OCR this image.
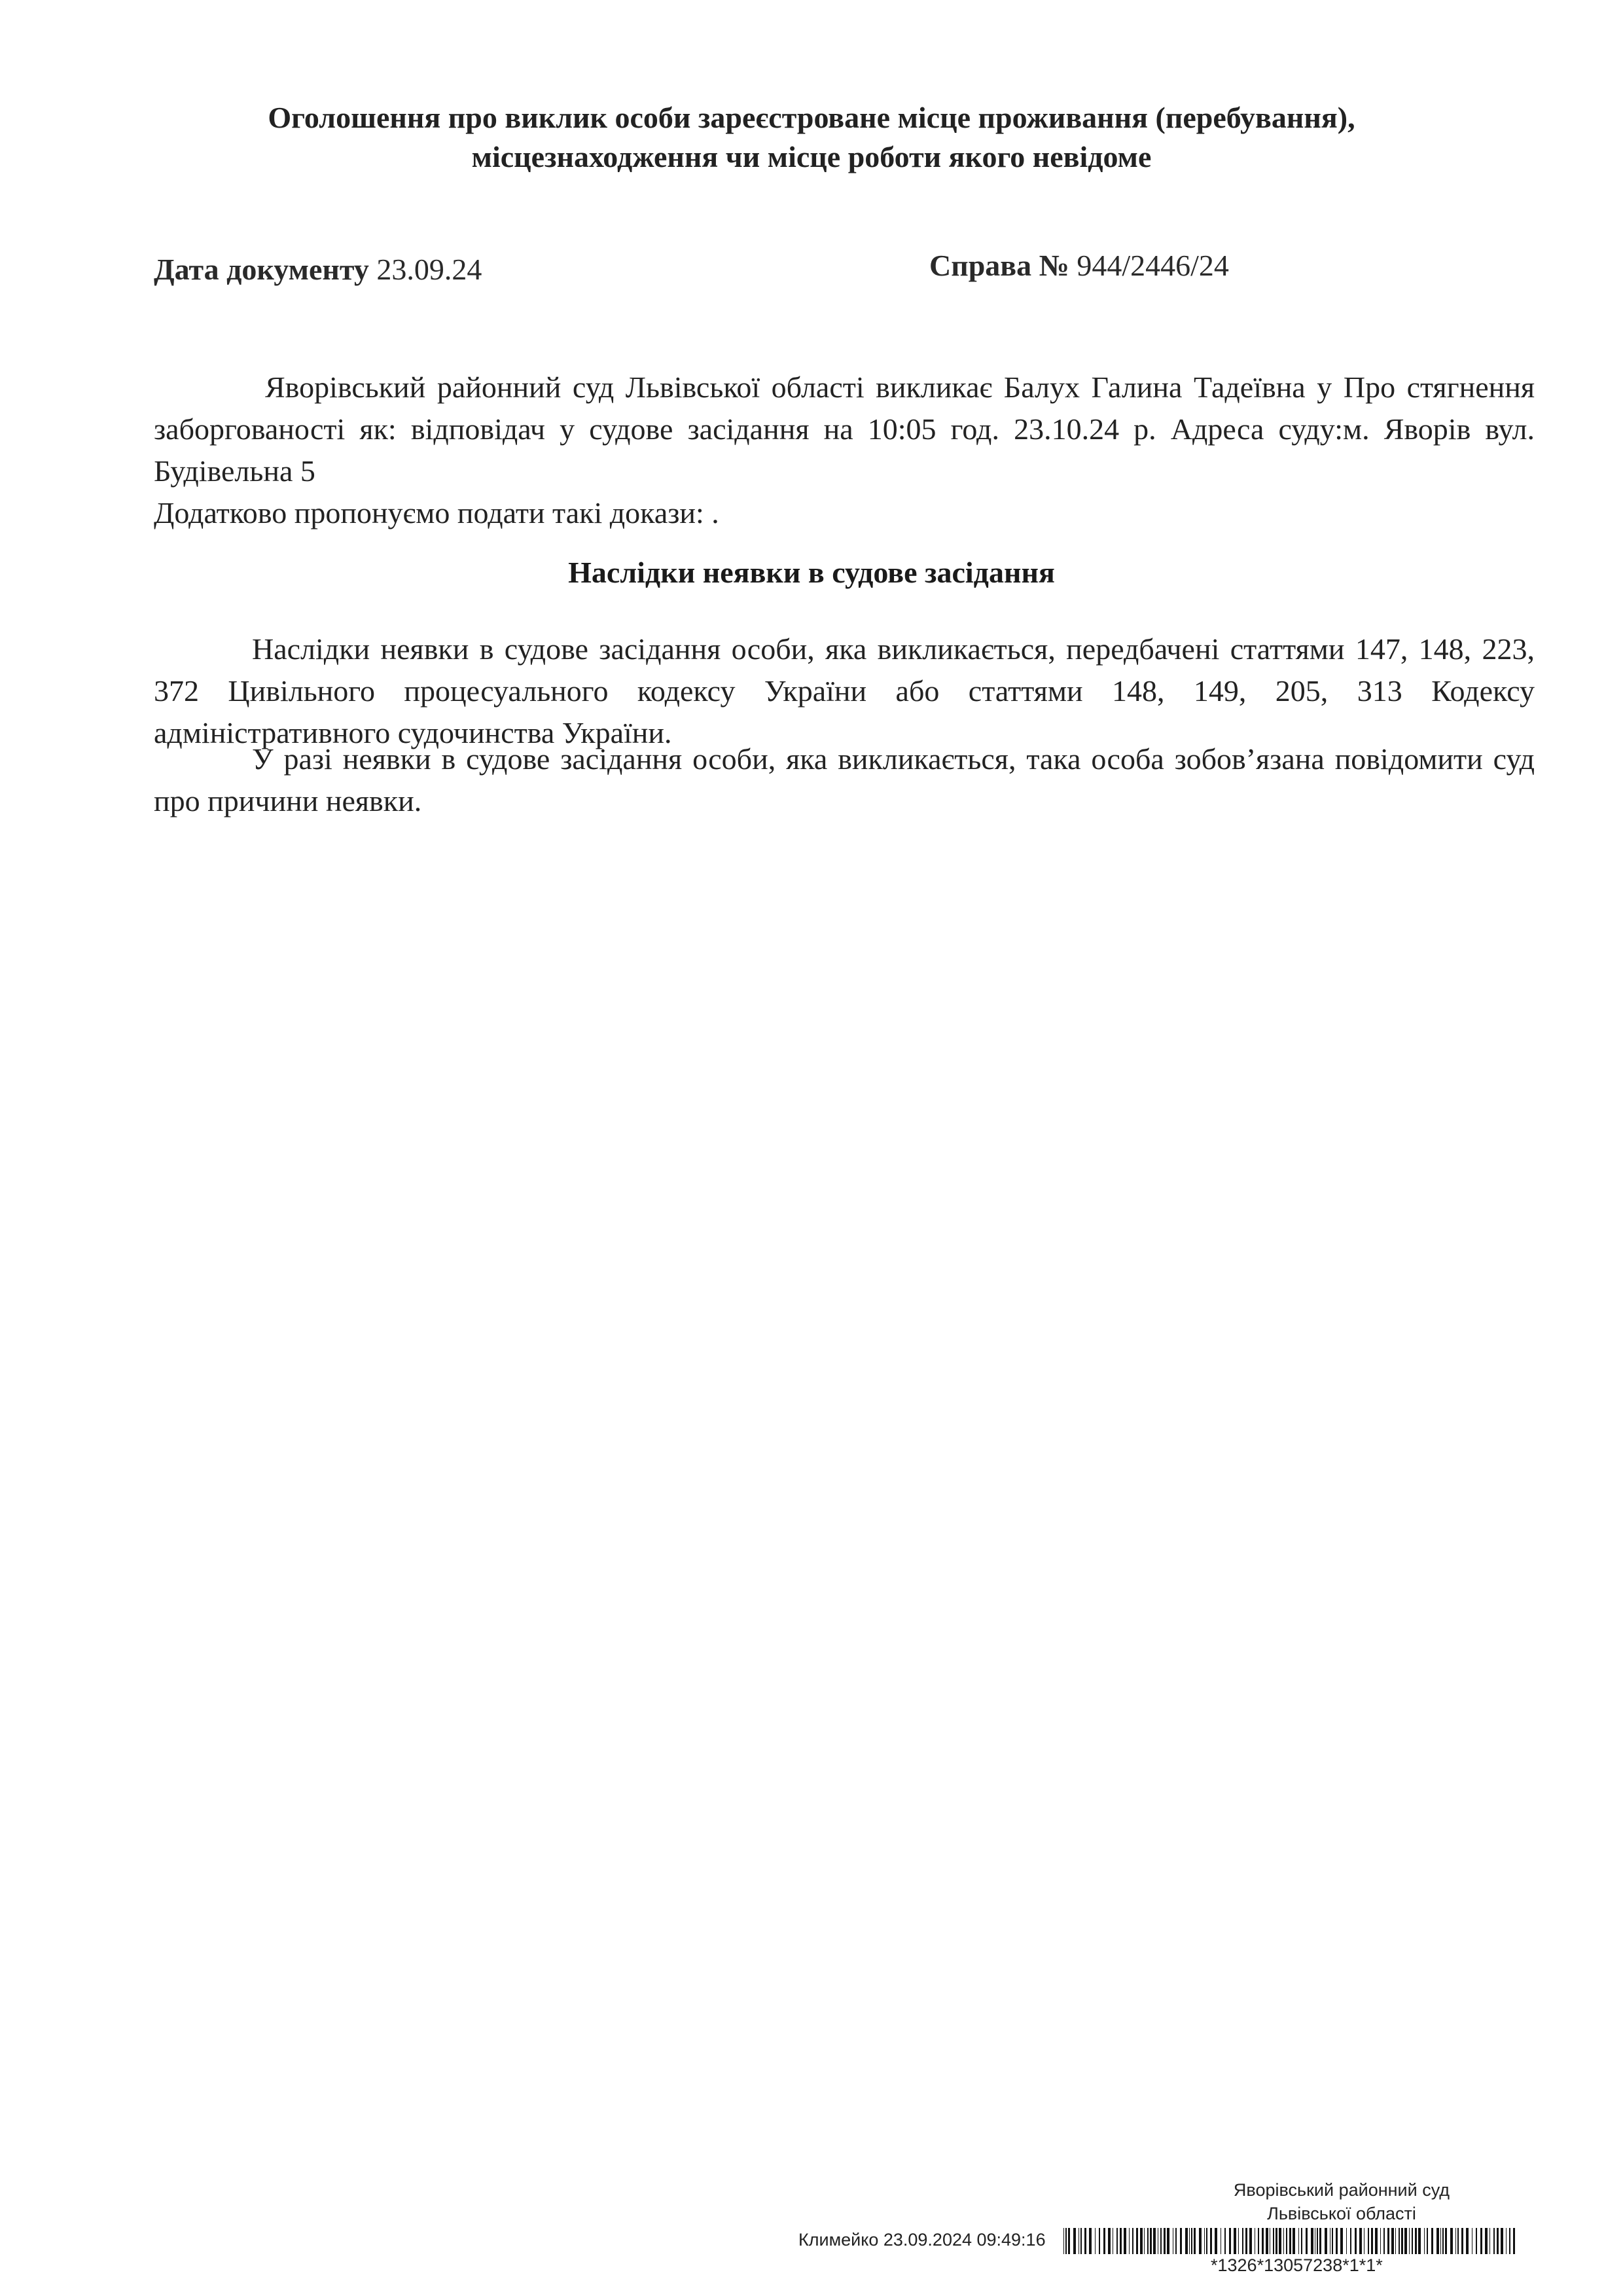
Оголошення про виклик особи зареєстроване місце проживання (перебування),
місцезнаходження чи місце роботи якого невідоме
Дата документу 23.09.24	Справа № 944/2446/24
Яворівський районний суд Львівської області викликає Балух Галина Тадеївна у Про стягнення заборгованості як: відповідач у судове засідання на 10:05 год. 23.10.24 р. Адреса суду:м. Яворів вул. Будівельна 5
Додатково пропонуємо подати такі докази: .
Наслідки неявки в судове засідання
Наслідки неявки в судове засідання особи, яка викликається, передбачені статтями 147, 148, 223, 372 Цивільного процесуального кодексу України або статтями 148, 149, 205, 313 Кодексу адміністративного судочинства України.
У разі неявки в судове засідання особи, яка викликається, така особа зобов’язана повідомити суд про причини неявки.
Яворівський районний суд
Львівської області
Климейко 23.09.2024 09:49:16
*1326*13057238*1*1*
